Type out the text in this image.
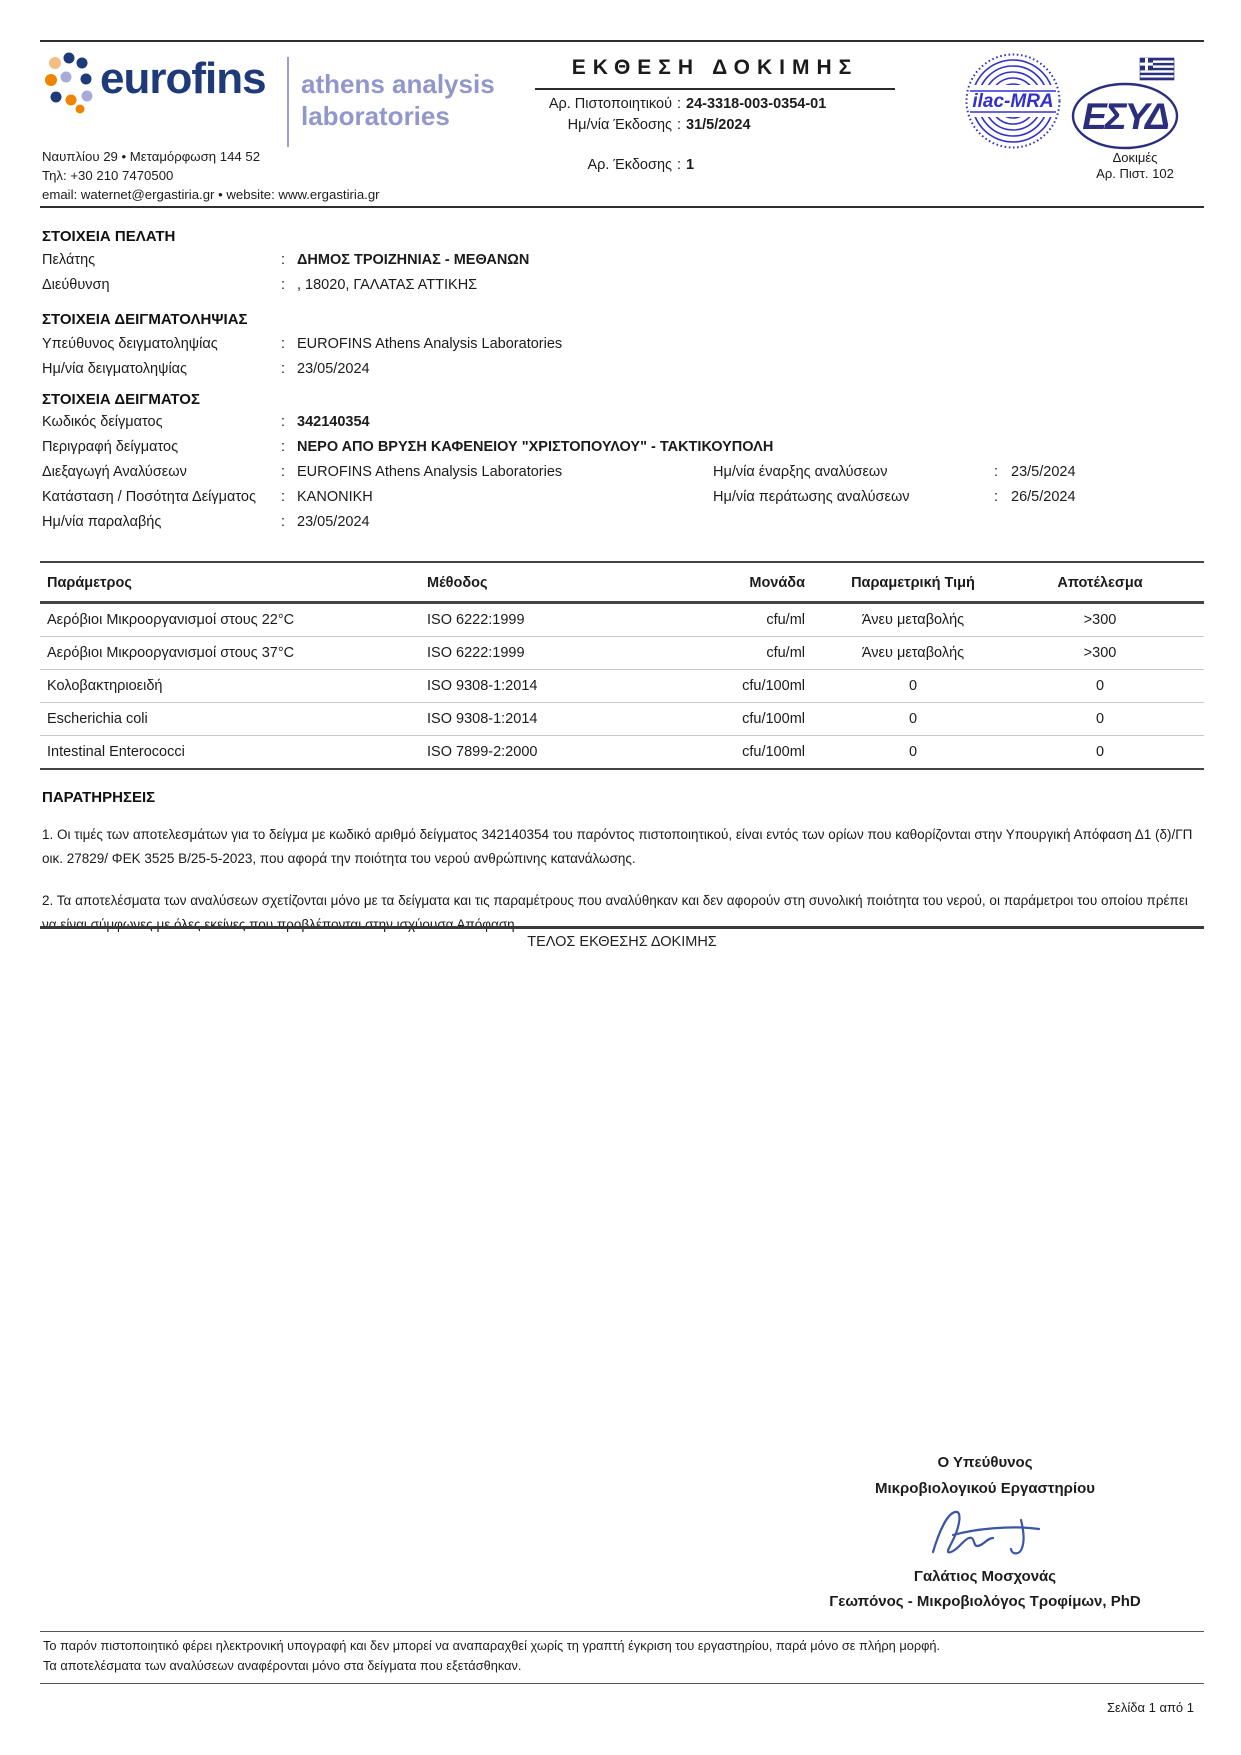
eurofins athens analysis
laboratories
Ναυπλίου 29 • Μεταμόρφωση 144 52
Τηλ: +30 210 7470500
email: waternet@ergastiria.gr • website: www.ergastiria.gr
ΕΚΘΕΣΗ ΔΟΚΙΜΗΣ
Αρ. Πιστοποιητικού : 24-3318-003-0354-01
Ημ/νία Έκδοσης : 31/5/2024
Αρ. Έκδοσης : 1
ilac-MRA ΕΣΥΔ
Δοκιμές
Αρ. Πιστ. 102
ΣΤΟΙΧΕΙΑ ΠΕΛΑΤΗ
Πελάτης	: ΔΗΜΟΣ ΤΡΟΙΖΗΝΙΑΣ - ΜΕΘΑΝΩΝ
Διεύθυνση	: , 18020, ΓΑΛΑΤΑΣ ΑΤΤΙΚΗΣ
ΣΤΟΙΧΕΙΑ ΔΕΙΓΜΑΤΟΛΗΨΙΑΣ
Υπεύθυνος δειγματοληψίας	: EUROFINS Athens Analysis Laboratories
Ημ/νία δειγματοληψίας	: 23/05/2024
ΣΤΟΙΧΕΙΑ ΔΕΙΓΜΑΤΟΣ
Κωδικός δείγματος	: 342140354
Περιγραφή δείγματος	: ΝΕΡΟ ΑΠΟ ΒΡΥΣΗ ΚΑΦΕΝΕΙΟΥ "ΧΡΙΣΤΟΠΟΥΛΟΥ" - ΤΑΚΤΙΚΟΥΠΟΛΗ
Διεξαγωγή Αναλύσεων	: EUROFINS Athens Analysis Laboratories	Ημ/νία έναρξης αναλύσεων	: 23/5/2024
Κατάσταση / Ποσότητα Δείγματος	: ΚΑΝΟΝΙΚΗ	Ημ/νία περάτωσης αναλύσεων	: 26/5/2024
Ημ/νία παραλαβής	: 23/05/2024
Παράμετρος	Μέθοδος	Μονάδα	Παραμετρική Τιμή	Αποτέλεσμα
Αερόβιοι Μικροοργανισμοί στους 22°C	ISO 6222:1999	cfu/ml	Άνευ μεταβολής	>300
Αερόβιοι Μικροοργανισμοί στους 37°C	ISO 6222:1999	cfu/ml	Άνευ μεταβολής	>300
Κολοβακτηριοειδή	ISO 9308-1:2014	cfu/100ml	0	0
Escherichia coli	ISO 9308-1:2014	cfu/100ml	0	0
Intestinal Enterococci	ISO 7899-2:2000	cfu/100ml	0	0
ΠΑΡΑΤΗΡΗΣΕΙΣ

1. Οι τιμές των αποτελεσμάτων για το δείγμα με κωδικό αριθμό δείγματος 342140354 του παρόντος πιστοποιητικού, είναι εντός των ορίων που καθορίζονται στην Υπουργική Απόφαση Δ1 (δ)/ΓΠ οικ. 27829/ ΦΕΚ 3525 Β/25-5-2023, που αφορά την ποιότητα του νερού ανθρώπινης κατανάλωσης.

2. Τα αποτελέσματα των αναλύσεων σχετίζονται μόνο με τα δείγματα και τις παραμέτρους που αναλύθηκαν και δεν αφορούν στη συνολική ποιότητα του νερού, οι παράμετροι του οποίου πρέπει να είναι σύμφωνες με όλες εκείνες που προβλέπονται στην ισχύουσα Απόφαση.

ΤΕΛΟΣ ΕΚΘΕΣΗΣ ΔΟΚΙΜΗΣ
Ο Υπεύθυνος
Μικροβιολογικού Εργαστηρίου
Γαλάτιος Μοσχονάς
Γεωπόνος - Μικροβιολόγος Τροφίμων, PhD
Το παρόν πιστοποιητικό φέρει ηλεκτρονική υπογραφή και δεν μπορεί να αναπαραχθεί χωρίς τη γραπτή έγκριση του εργαστηρίου, παρά μόνο σε πλήρη μορφή.
Τα αποτελέσματα των αναλύσεων αναφέρονται μόνο στα δείγματα που εξετάσθηκαν.
Σελίδα 1 από 1
